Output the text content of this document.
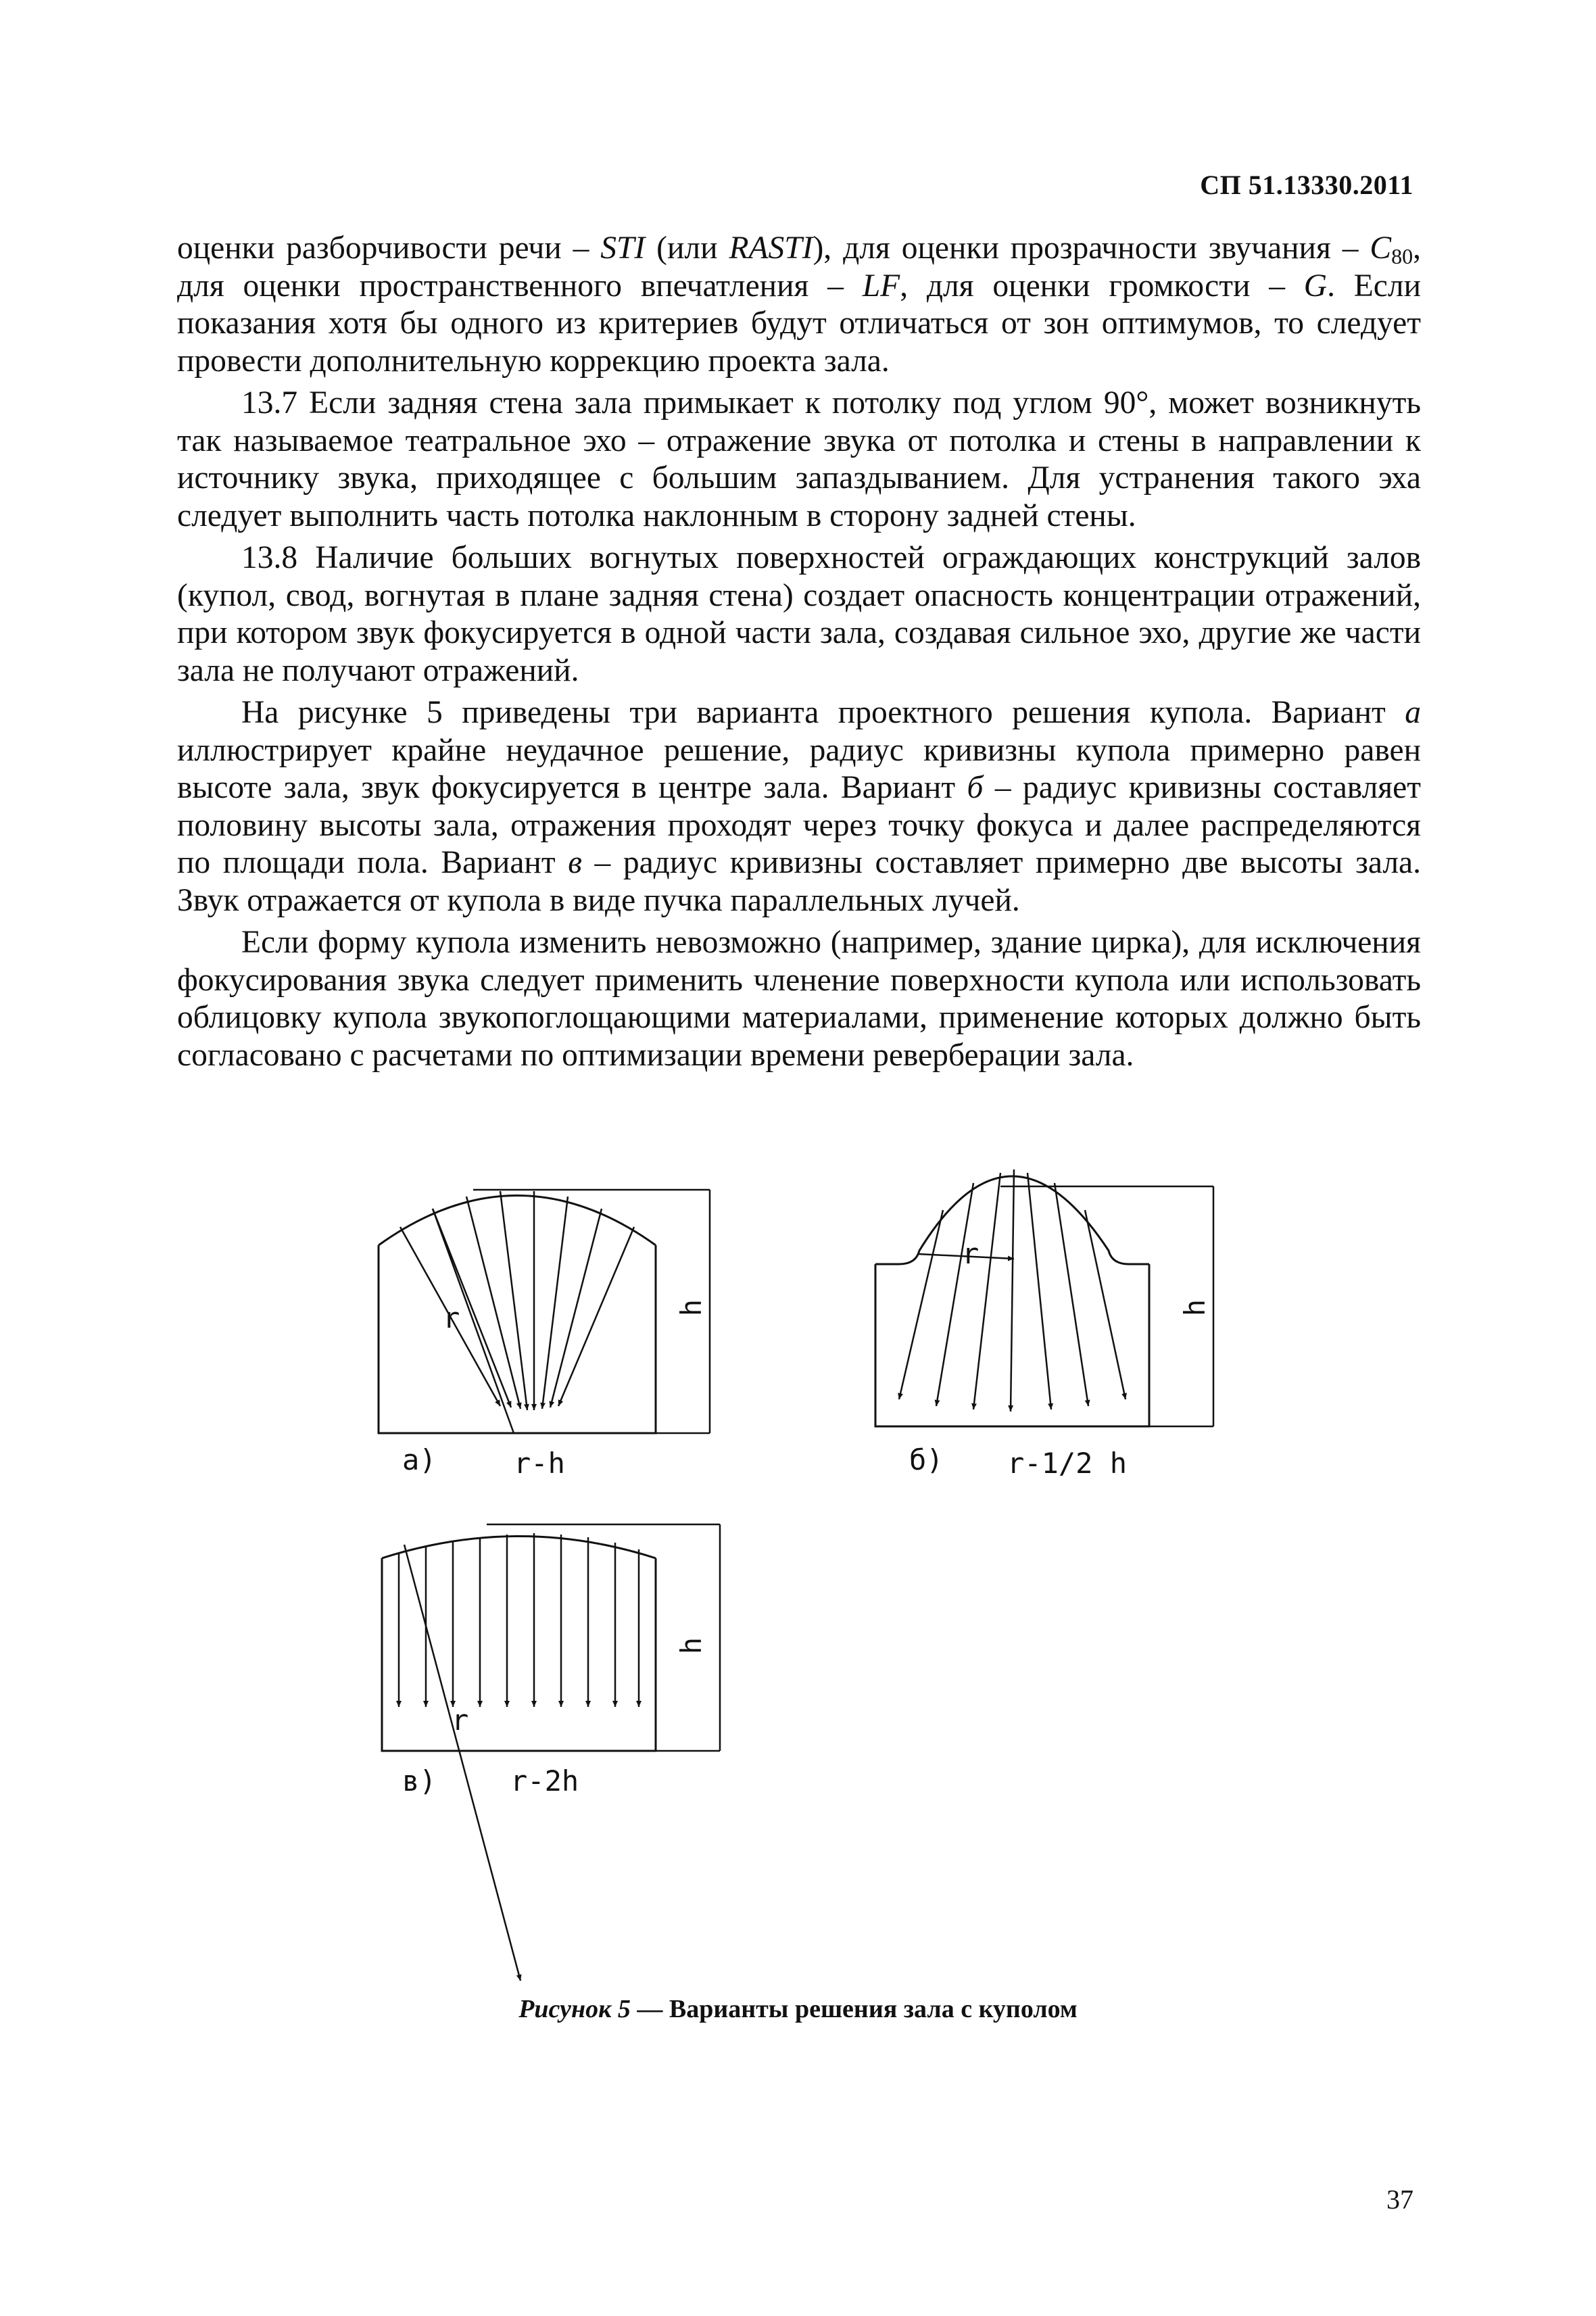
СП 51.13330.2011

оценки разборчивости речи – STI (или RASTI), для оценки прозрачности звучания – $C_{80}$, для оценки пространственного впечатления – LF, для оценки громкости – G. Если показания хотя бы одного из критериев будут отличаться от зон оптимумов, то следует провести дополнительную коррекцию проекта зала.

13.7 Если задняя стена зала примыкает к потолку под углом 90°, может возникнуть так называемое театральное эхо – отражение звука от потолка и стены в направлении к источнику звука, приходящее с большим запаздыванием. Для устранения такого эха следует выполнить часть потолка наклонным в сторону задней стены.

13.8 Наличие больших вогнутых поверхностей ограждающих конструкций залов (купол, свод, вогнутая в плане задняя стена) создает опасность концентрации отражений, при котором звук фокусируется в одной части зала, создавая сильное эхо, другие же части зала не получают отражений.

На рисунке 5 приведены три варианта проектного решения купола. Вариант а иллюстрирует крайне неудачное решение, радиус кривизны купола примерно равен высоте зала, звук фокусируется в центре зала. Вариант б – радиус кривизны составляет половину высоты зала, отражения проходят через точку фокуса и далее распределяются по площади пола. Вариант в – радиус кривизны составляет примерно две высоты зала. Звук отражается от купола в виде пучка параллельных лучей.

Если форму купола изменить невозможно (например, здание цирка), для исключения фокусирования звука следует применить членение поверхности купола или использовать облицовку купола звукопоглощающими материалами, применение которых должно быть согласовано с расчетами по оптимизации времени реверберации зала.

r	h
а)	r-h
r
h
б) r-1/2 h
r
h
в)	r-2h
Рисунок 5 — Варианты решения зала с куполом
37
